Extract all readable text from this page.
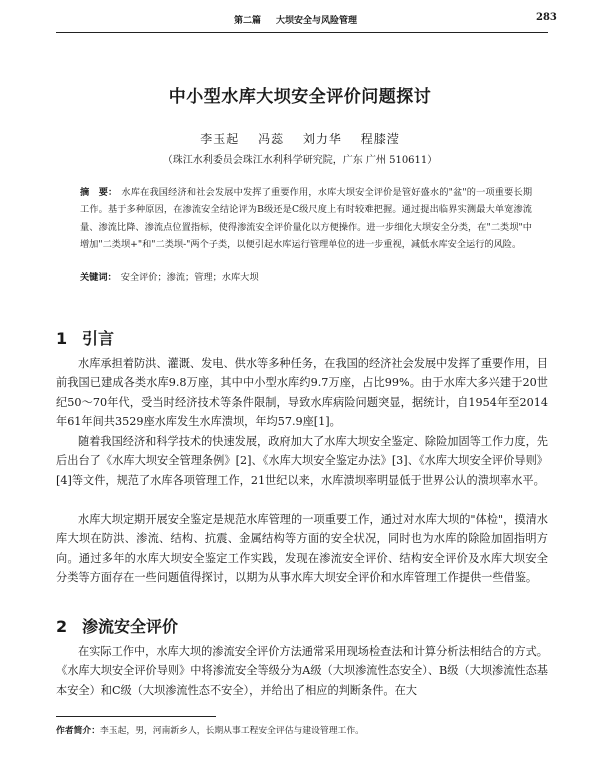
第二篇 大坝安全与风险管理	283
中小型水库大坝安全评价问题探讨
李玉起 冯蕊 刘力华 程膝滢
（珠江水利委员会珠江水利科学研究院，广东 广州 510611）
摘　要： 水库在我国经济和社会发展中发挥了重要作用，水库大坝安全评价是管好盛水的"盆"的一项重要长期工作。基于多种原因，在渗流安全结论评为B级还是C级尺度上有时较难把握。通过提出临界实测最大单宽渗流量、渗流比降、渗流点位置指标，使得渗流安全评价量化以方便操作。进一步细化大坝安全分类，在"二类坝"中增加"二类坝+"和"二类坝-"两个子类，以便引起水库运行管理单位的进一步重视，减低水库安全运行的风险。
关键词： 安全评价；渗流；管理；水库大坝
1 引言
水库承担着防洪、灌溉、发电、供水等多种任务，在我国的经济社会发展中发挥了重要作用，目前我国已建成各类水库9.8万座，其中中小型水库约9.7万座，占比99%。由于水库大多兴建于20世纪50～70年代，受当时经济技术等条件限制，导致水库病险问题突显，据统计，自1954年至2014年61年间共3529座水库发生水库溃坝，年均57.9座[1]。
随着我国经济和科学技术的快速发展，政府加大了水库大坝安全鉴定、除险加固等工作力度，先后出台了《水库大坝安全管理条例》[2]、《水库大坝安全鉴定办法》[3]、《水库大坝安全评价导则》[4]等文件，规范了水库各项管理工作，21世纪以来，水库溃坝率明显低于世界公认的溃坝率水平。
水库大坝定期开展安全鉴定是规范水库管理的一项重要工作，通过对水库大坝的"体检"，摸清水库大坝在防洪、渗流、结构、抗震、金属结构等方面的安全状况，同时也为水库的除险加固指明方向。通过多年的水库大坝安全鉴定工作实践，发现在渗流安全评价、结构安全评价及水库大坝安全分类等方面存在一些问题值得探讨，以期为从事水库大坝安全评价和水库管理工作提供一些借鉴。
2 渗流安全评价
在实际工作中，水库大坝的渗流安全评价方法通常采用现场检查法和计算分析法相结合的方式。《水库大坝安全评价导则》中将渗流安全等级分为A级（大坝渗流性态安全）、B级（大坝渗流性态基本安全）和C级（大坝渗流性态不安全），并给出了相应的判断条件。在大
作者简介：李玉起，男，河南新乡人，长期从事工程安全评估与建设管理工作。
